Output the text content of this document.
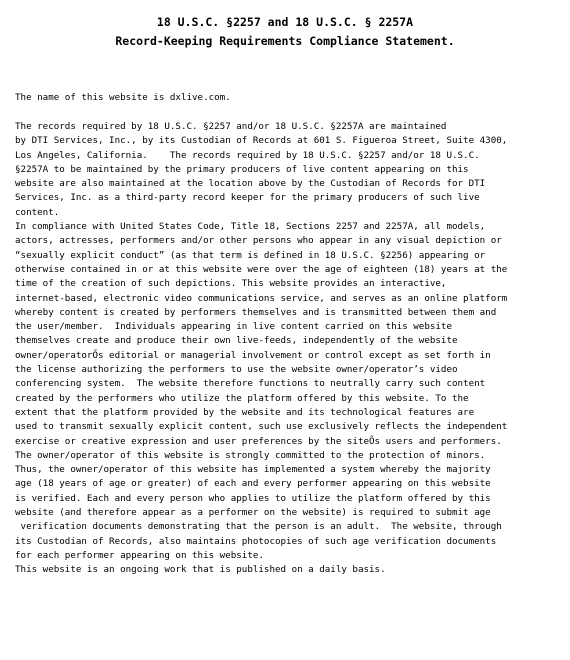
18 U.S.C. §2257 and 18 U.S.C. § 2257A
Record-Keeping Requirements Compliance Statement.
The name of this website is dxlive.com.
The records required by 18 U.S.C. §2257 and/or 18 U.S.C. §2257A are maintained
by DTI Services, Inc., by its Custodian of Records at 601 S. Figueroa Street, Suite 4300,
Los Angeles, California.    The records required by 18 U.S.C. §2257 and/or 18 U.S.C.
§2257A to be maintained by the primary producers of live content appearing on this
website are also maintained at the location above by the Custodian of Records for DTI
Services, Inc. as a third-party record keeper for the primary producers of such live
content.
In compliance with United States Code, Title 18, Sections 2257 and 2257A, all models,
actors, actresses, performers and/or other persons who appear in any visual depiction or
“sexually explicit conduct” (as that term is defined in 18 U.S.C. §2256) appearing or
otherwise contained in or at this website were over the age of eighteen (18) years at the
time of the creation of such depictions. This website provides an interactive,
internet-based, electronic video communications service, and serves as an online platform
whereby content is created by performers themselves and is transmitted between them and
the user/member.  Individuals appearing in live content carried on this website
themselves create and produce their own live-feeds, independently of the website
owner/operatorÕs editorial or managerial involvement or control except as set forth in
the license authorizing the performers to use the website owner/operator’s video
conferencing system.  The website therefore functions to neutrally carry such content
created by the performers who utilize the platform offered by this website. To the
extent that the platform provided by the website and its technological features are
used to transmit sexually explicit content, such use exclusively reflects the independent
exercise or creative expression and user preferences by the siteÕs users and performers.
The owner/operator of this website is strongly committed to the protection of minors.
Thus, the owner/operator of this website has implemented a system whereby the majority
age (18 years of age or greater) of each and every performer appearing on this website
is verified. Each and every person who applies to utilize the platform offered by this
website (and therefore appear as a performer on the website) is required to submit age
verification documents demonstrating that the person is an adult.  The website, through
its Custodian of Records, also maintains photocopies of such age verification documents
for each performer appearing on this website.
This website is an ongoing work that is published on a daily basis.
